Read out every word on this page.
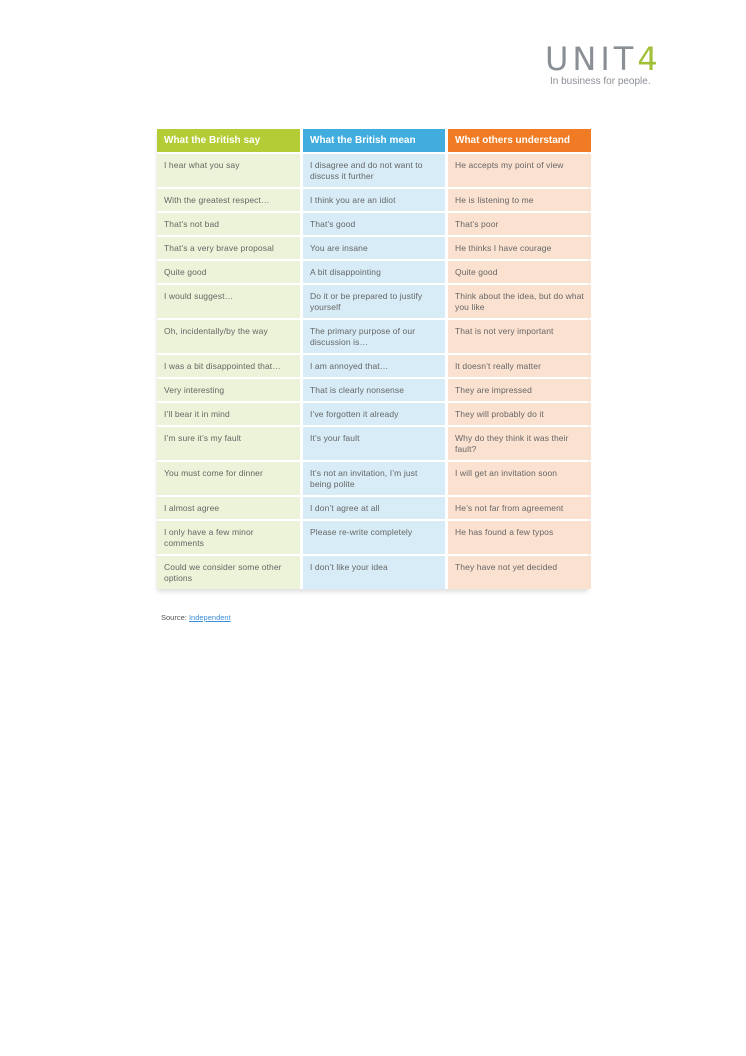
UNIT4
In business for people.
What the British say	What the British mean	What others understand
I hear what you say	I disagree and do not want to discuss it further	He accepts my point of view
With the greatest respect…	I think you are an idiot	He is listening to me
That’s not bad	That’s good	That’s poor
That’s a very brave proposal	You are insane	He thinks I have courage
Quite good	A bit disappointing	Quite good
I would suggest…	Do it or be prepared to justify yourself	Think about the idea, but do what you like
Oh, incidentally/by the way	The primary purpose of our discussion is…	That is not very important
I was a bit disappointed that…	I am annoyed that…	It doesn’t really matter
Very interesting	That is clearly nonsense	They are impressed
I’ll bear it in mind	I’ve forgotten it already	They will probably do it
I’m sure it’s my fault	It’s your fault	Why do they think it was their fault?
You must come for dinner	It’s not an invitation, I’m just being polite	I will get an invitation soon
I almost agree	I don’t agree at all	He’s not far from agreement
I only have a few minor comments	Please re-write completely	He has found a few typos
Could we consider some other options	I don’t like your idea	They have not yet decided
Source: Independent
